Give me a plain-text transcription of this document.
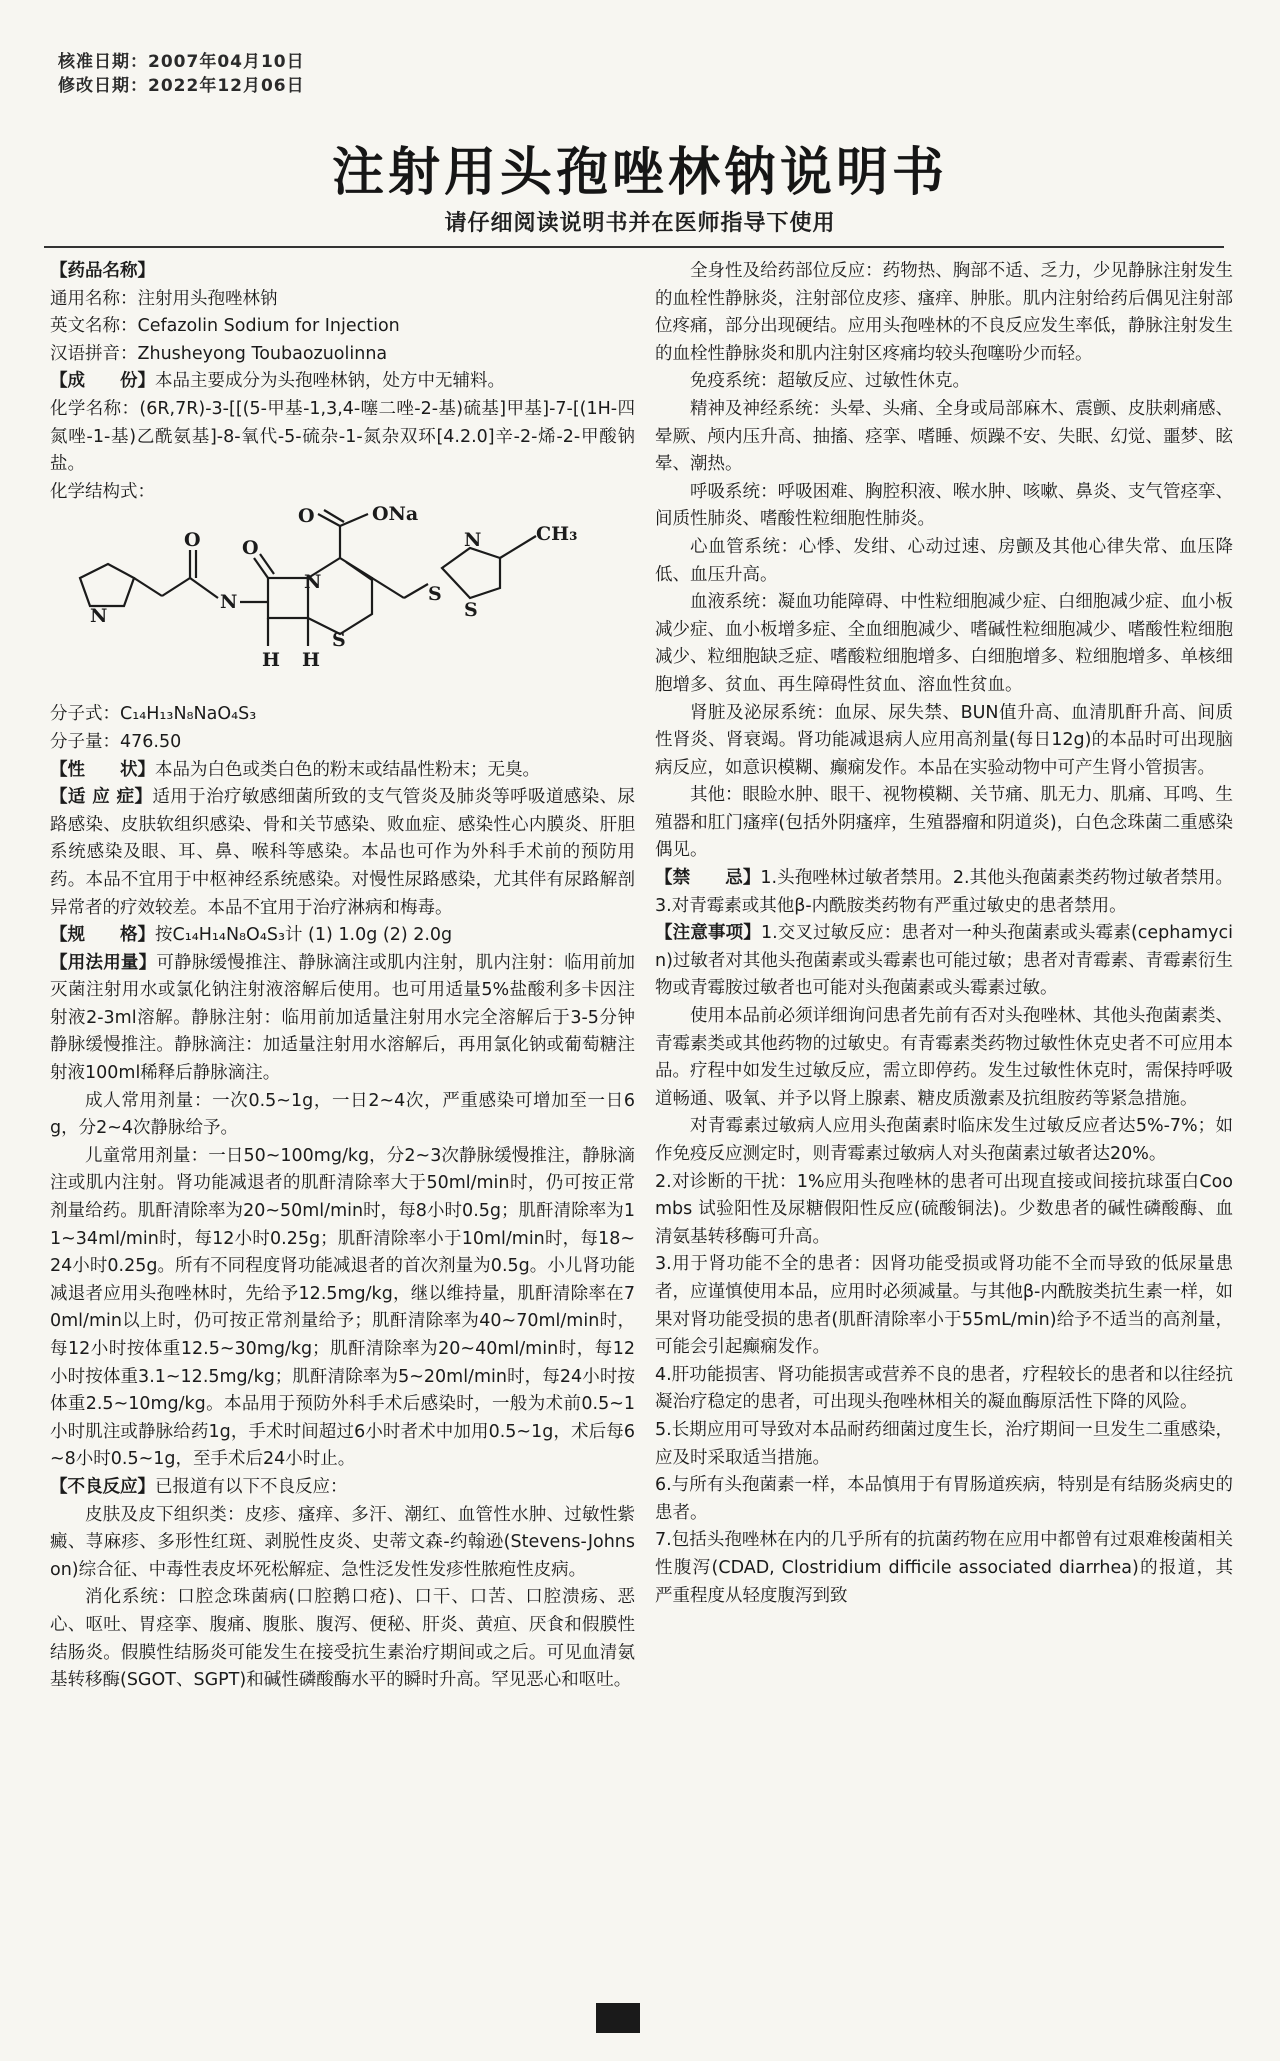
核准日期：2007年04月10日
修改日期：2022年12月06日
注射用头孢唑林钠说明书
请仔细阅读说明书并在医师指导下使用

【药品名称】

通用名称：注射用头孢唑林钠

英文名称：Cefazolin Sodium for Injection

汉语拼音：Zhusheyong Toubaozuolinna

【成　　份】本品主要成分为头孢唑林钠，处方中无辅料。

化学名称：(6R,7R)-3-[[(5-甲基-1,3,4-噻二唑-2-基)硫基]甲基]-7-[(1H-四氮唑-1-基)乙酰氨基]-8-氧代-5-硫杂-1-氮杂双环[4.2.0]辛-2-烯-2-甲酸钠盐。

化学结构式：

O	ONa
CH₃
O O
N
N
S
S
H H
N
N
S

分子式：C₁₄H₁₃N₈NaO₄S₃

分子量：476.50

【性　　状】本品为白色或类白色的粉末或结晶性粉末；无臭。

【适 应 症】适用于治疗敏感细菌所致的支气管炎及肺炎等呼吸道感染、尿路感染、皮肤软组织感染、骨和关节感染、败血症、感染性心内膜炎、肝胆系统感染及眼、耳、鼻、喉科等感染。本品也可作为外科手术前的预防用药。本品不宜用于中枢神经系统感染。对慢性尿路感染，尤其伴有尿路解剖异常者的疗效较差。本品不宜用于治疗淋病和梅毒。

【规　　格】按C₁₄H₁₄N₈O₄S₃计 (1) 1.0g (2) 2.0g

【用法用量】可静脉缓慢推注、静脉滴注或肌内注射，肌内注射：临用前加灭菌注射用水或氯化钠注射液溶解后使用。也可用适量5%盐酸利多卡因注射液2-3ml溶解。静脉注射：临用前加适量注射用水完全溶解后于3-5分钟静脉缓慢推注。静脉滴注：加适量注射用水溶解后，再用氯化钠或葡萄糖注射液100ml稀释后静脉滴注。

成人常用剂量：一次0.5~1g，一日2~4次，严重感染可增加至一日6g，分2~4次静脉给予。

儿童常用剂量：一日50~100mg/kg，分2~3次静脉缓慢推注，静脉滴注或肌内注射。肾功能减退者的肌酐清除率大于50ml/min时，仍可按正常剂量给药。肌酐清除率为20~50ml/min时，每8小时0.5g；肌酐清除率为11~34ml/min时，每12小时0.25g；肌酐清除率小于10ml/min时，每18~24小时0.25g。所有不同程度肾功能减退者的首次剂量为0.5g。小儿肾功能减退者应用头孢唑林时，先给予12.5mg/kg，继以维持量，肌酐清除率在70ml/min以上时，仍可按正常剂量给予；肌酐清除率为40~70ml/min时，每12小时按体重12.5~30mg/kg；肌酐清除率为20~40ml/min时，每12小时按体重3.1~12.5mg/kg；肌酐清除率为5~20ml/min时，每24小时按体重2.5~10mg/kg。本品用于预防外科手术后感染时，一般为术前0.5~1小时肌注或静脉给药1g，手术时间超过6小时者术中加用0.5~1g，术后每6~8小时0.5~1g，至手术后24小时止。

【不良反应】已报道有以下不良反应：

皮肤及皮下组织类：皮疹、瘙痒、多汗、潮红、血管性水肿、过敏性紫癜、荨麻疹、多形性红斑、剥脱性皮炎、史蒂文森-约翰逊(Stevens-Johnson)综合征、中毒性表皮坏死松解症、急性泛发性发疹性脓疱性皮病。

消化系统：口腔念珠菌病(口腔鹅口疮)、口干、口苦、口腔溃疡、恶心、呕吐、胃痉挛、腹痛、腹胀、腹泻、便秘、肝炎、黄疸、厌食和假膜性结肠炎。假膜性结肠炎可能发生在接受抗生素治疗期间或之后。可见血清氨基转移酶(SGOT、SGPT)和碱性磷酸酶水平的瞬时升高。罕见恶心和呕吐。

全身性及给药部位反应：药物热、胸部不适、乏力，少见静脉注射发生的血栓性静脉炎，注射部位皮疹、瘙痒、肿胀。肌内注射给药后偶见注射部位疼痛，部分出现硬结。应用头孢唑林的不良反应发生率低，静脉注射发生的血栓性静脉炎和肌内注射区疼痛均较头孢噻吩少而轻。

免疫系统：超敏反应、过敏性休克。

精神及神经系统：头晕、头痛、全身或局部麻木、震颤、皮肤刺痛感、晕厥、颅内压升高、抽搐、痉挛、嗜睡、烦躁不安、失眠、幻觉、噩梦、眩晕、潮热。

呼吸系统：呼吸困难、胸腔积液、喉水肿、咳嗽、鼻炎、支气管痉挛、间质性肺炎、嗜酸性粒细胞性肺炎。

心血管系统：心悸、发绀、心动过速、房颤及其他心律失常、血压降低、血压升高。

血液系统：凝血功能障碍、中性粒细胞减少症、白细胞减少症、血小板减少症、血小板增多症、全血细胞减少、嗜碱性粒细胞减少、嗜酸性粒细胞减少、粒细胞缺乏症、嗜酸粒细胞增多、白细胞增多、粒细胞增多、单核细胞增多、贫血、再生障碍性贫血、溶血性贫血。

肾脏及泌尿系统：血尿、尿失禁、BUN值升高、血清肌酐升高、间质性肾炎、肾衰竭。肾功能减退病人应用高剂量(每日12g)的本品时可出现脑病反应，如意识模糊、癫痫发作。本品在实验动物中可产生肾小管损害。

其他：眼睑水肿、眼干、视物模糊、关节痛、肌无力、肌痛、耳鸣、生殖器和肛门瘙痒(包括外阴瘙痒，生殖器瘤和阴道炎)，白色念珠菌二重感染偶见。

【禁　　忌】1.头孢唑林过敏者禁用。2.其他头孢菌素类药物过敏者禁用。3.对青霉素或其他β-内酰胺类药物有严重过敏史的患者禁用。

【注意事项】1.交叉过敏反应：患者对一种头孢菌素或头霉素(cephamycin)过敏者对其他头孢菌素或头霉素也可能过敏；患者对青霉素、青霉素衍生物或青霉胺过敏者也可能对头孢菌素或头霉素过敏。

使用本品前必须详细询问患者先前有否对头孢唑林、其他头孢菌素类、青霉素类或其他药物的过敏史。有青霉素类药物过敏性休克史者不可应用本品。疗程中如发生过敏反应，需立即停药。发生过敏性休克时，需保持呼吸道畅通、吸氧、并予以肾上腺素、糖皮质激素及抗组胺药等紧急措施。

对青霉素过敏病人应用头孢菌素时临床发生过敏反应者达5%-7%；如作免疫反应测定时，则青霉素过敏病人对头孢菌素过敏者达20%。

2.对诊断的干扰：1%应用头孢唑林的患者可出现直接或间接抗球蛋白Coombs 试验阳性及尿糖假阳性反应(硫酸铜法)。少数患者的碱性磷酸酶、血清氨基转移酶可升高。

3.用于肾功能不全的患者：因肾功能受损或肾功能不全而导致的低尿量患者，应谨慎使用本品，应用时必须减量。与其他β-内酰胺类抗生素一样，如果对肾功能受损的患者(肌酐清除率小于55mL/min)给予不适当的高剂量，可能会引起癫痫发作。

4.肝功能损害、肾功能损害或营养不良的患者，疗程较长的患者和以往经抗凝治疗稳定的患者，可出现头孢唑林相关的凝血酶原活性下降的风险。

5.长期应用可导致对本品耐药细菌过度生长，治疗期间一旦发生二重感染，应及时采取适当措施。

6.与所有头孢菌素一样，本品慎用于有胃肠道疾病，特别是有结肠炎病史的患者。

7.包括头孢唑林在内的几乎所有的抗菌药物在应用中都曾有过艰难梭菌相关性腹泻(CDAD, Clostridium difficile associated diarrhea)的报道，其严重程度从轻度腹泻到致
